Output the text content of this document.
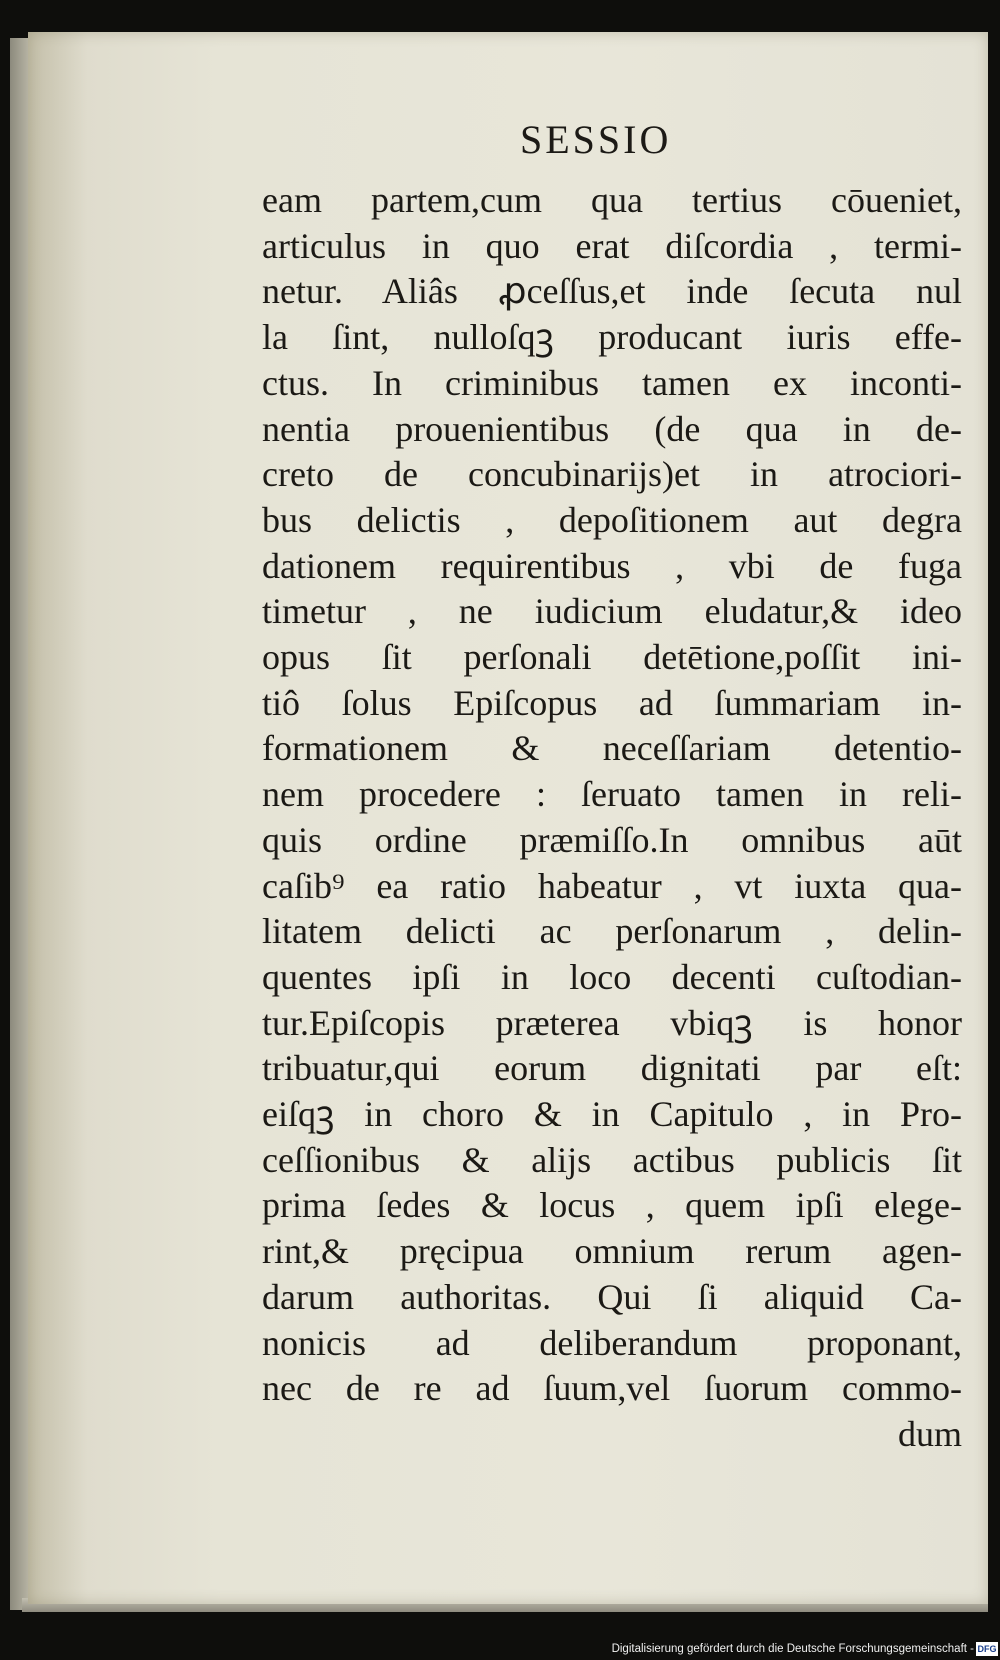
SESSIO
eam partem,cum qua tertius cōueniet,
articulus in quo erat diſcordia , termi-
netur. Aliâs ꝓceſſus,et inde ſecuta nul
la ſint, nulloſqꝫ producant iuris effe-
ctus. In criminibus tamen ex inconti-
nentia prouenientibus (de qua in de-
creto de concubinarijs)et in atrociori-
bus delictis , depoſitionem aut degra
dationem requirentibus , vbi de fuga
timetur , ne iudicium eludatur,& ideo
opus ſit perſonali detētione,poſſit ini-
tiô ſolus Epiſcopus ad ſummariam in-
formationem & neceſſariam detentio-
nem procedere : ſeruato tamen in reli-
quis ordine præmiſſo.In omnibus aūt
caſib⁹ ea ratio habeatur , vt iuxta qua-
litatem delicti ac perſonarum , delin-
quentes ipſi in loco decenti cuſtodian-
tur.Epiſcopis præterea vbiqꝫ is honor
tribuatur,qui eorum dignitati par eſt:
eiſqꝫ in choro & in Capitulo , in Pro-
ceſſionibus & alijs actibus publicis ſit
prima ſedes & locus , quem ipſi elege-
rint,& pręcipua omnium rerum agen-
darum authoritas. Qui ſi aliquid Ca-
nonicis ad deliberandum proponant,
nec de re ad ſuum,vel ſuorum commo-
dum
Digitalisierung gefördert durch die Deutsche Forschungsgemeinschaft - DFG
